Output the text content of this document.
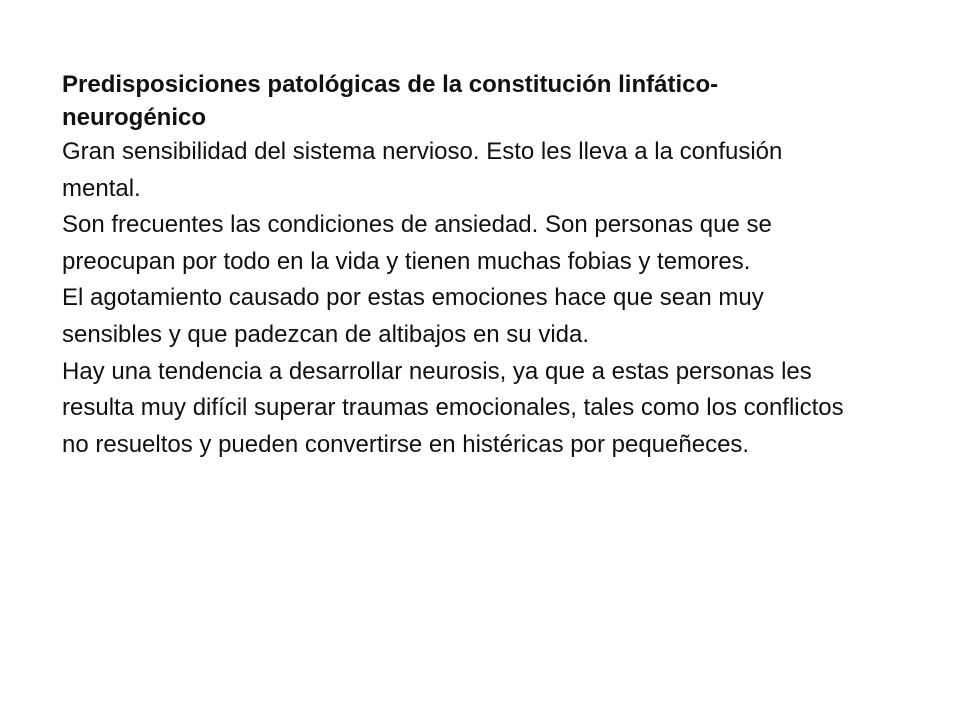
Predisposiciones patológicas de la constitución linfático-neurogénico

Gran sensibilidad del sistema nervioso. Esto les lleva a la confusión mental.

Son frecuentes las condiciones de ansiedad. Son personas que se preocupan por todo en la vida y tienen muchas fobias y temores.

El agotamiento causado por estas emociones hace que sean muy sensibles y que padezcan de altibajos en su vida.

Hay una tendencia a desarrollar neurosis, ya que a estas personas les resulta muy difícil superar traumas emocionales, tales como los conflictos no resueltos y pueden convertirse en histéricas por pequeñeces.
